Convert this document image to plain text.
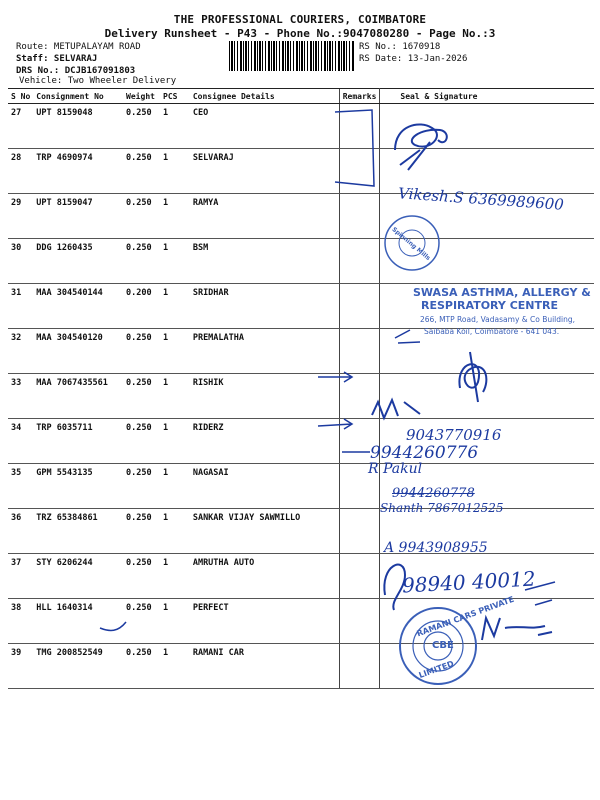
THE PROFESSIONAL COURIERS, COIMBATORE
Delivery Runsheet - P43 - Phone No.:9047080280 - Page No.:3
Route: METUPALAYAM ROAD
Staff: SELVARAJ
DRS No.: DCJB167091803
Vehicle: Two Wheeler Delivery
RS No.: 1670918
RS Date: 13-Jan-2026
S No	Consignment No	Weight	PCS	Consignee Details	Remarks	Seal & Signature
27	UPT 8159048	0.250	1	CEO		
28	TRP 4690974	0.250	1	SELVARAJ		
29	UPT 8159047	0.250	1	RAMYA		
30	DDG 1260435	0.250	1	BSM		
31	MAA 304540144	0.200	1	SRIDHAR		
32	MAA 304540120	0.250	1	PREMALATHA		
33	MAA 7067435561	0.250	1	RISHIK		
34	TRP 6035711	0.250	1	RIDERZ		
35	GPM 5543135	0.250	1	NAGASAI		
36	TRZ 65384861	0.250	1	SANKAR VIJAY SAWMILLO		
37	STY 6206244	0.250	1	AMRUTHA AUTO		
38	HLL 1640314	0.250	1	PERFECT		
39	TMG 200852549	0.250	1	RAMANI CAR		
SWASA ASTHMA, ALLERGY &
RESPIRATORY CENTRE
266, MTP Road, Vadasamy & Co Building,
Saibaba Koil, Coimbatore - 641 043.
Spinning Mills
RAMANI CARS PRIVATE
LIMITED
CBE
Vikesh.S 6369989600
9944260776
R Pakul
9944260778
Shanth 7867012525
A 9943908955
98940 40012
9043770916
